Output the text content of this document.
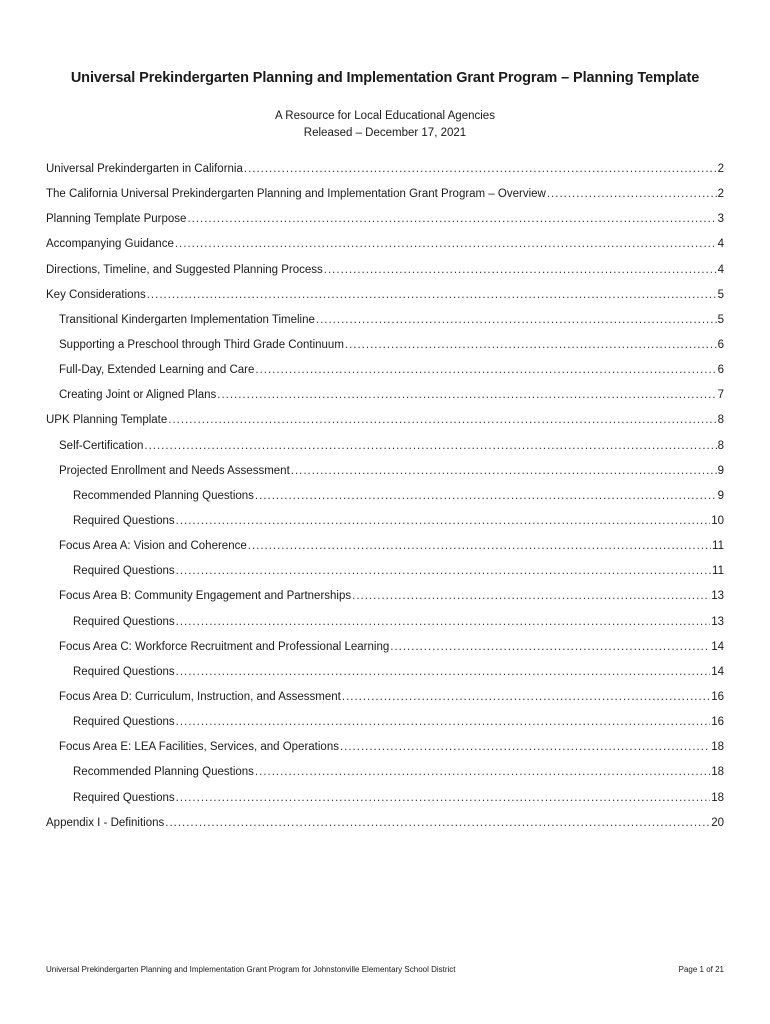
Universal Prekindergarten Planning and Implementation Grant Program – Planning Template
A Resource for Local Educational Agencies
Released – December 17, 2021
Universal Prekindergarten in California .....	2
The California Universal Prekindergarten Planning and Implementation Grant Program – Overview .....	2
Planning Template Purpose .....	3
Accompanying Guidance .....	4
Directions, Timeline, and Suggested Planning Process .....	4
Key Considerations .....	5
Transitional Kindergarten Implementation Timeline .....	5
Supporting a Preschool through Third Grade Continuum .....	6
Full-Day, Extended Learning and Care .....	6
Creating Joint or Aligned Plans .....	7
UPK Planning Template .....	8
Self-Certification .....	8
Projected Enrollment and Needs Assessment .....	9
Recommended Planning Questions .....	9
Required Questions .....	10
Focus Area A: Vision and Coherence .....	11
Required Questions .....	11
Focus Area B: Community Engagement and Partnerships .....	13
Required Questions .....	13
Focus Area C: Workforce Recruitment and Professional Learning .....	14
Required Questions .....	14
Focus Area D: Curriculum, Instruction, and Assessment .....	16
Required Questions .....	16
Focus Area E: LEA Facilities, Services, and Operations .....	18
Recommended Planning Questions .....	18
Required Questions .....	18
Appendix I - Definitions .....	20
Universal Prekindergarten Planning and Implementation Grant Program for Johnstonville Elementary School District	Page 1 of 21
